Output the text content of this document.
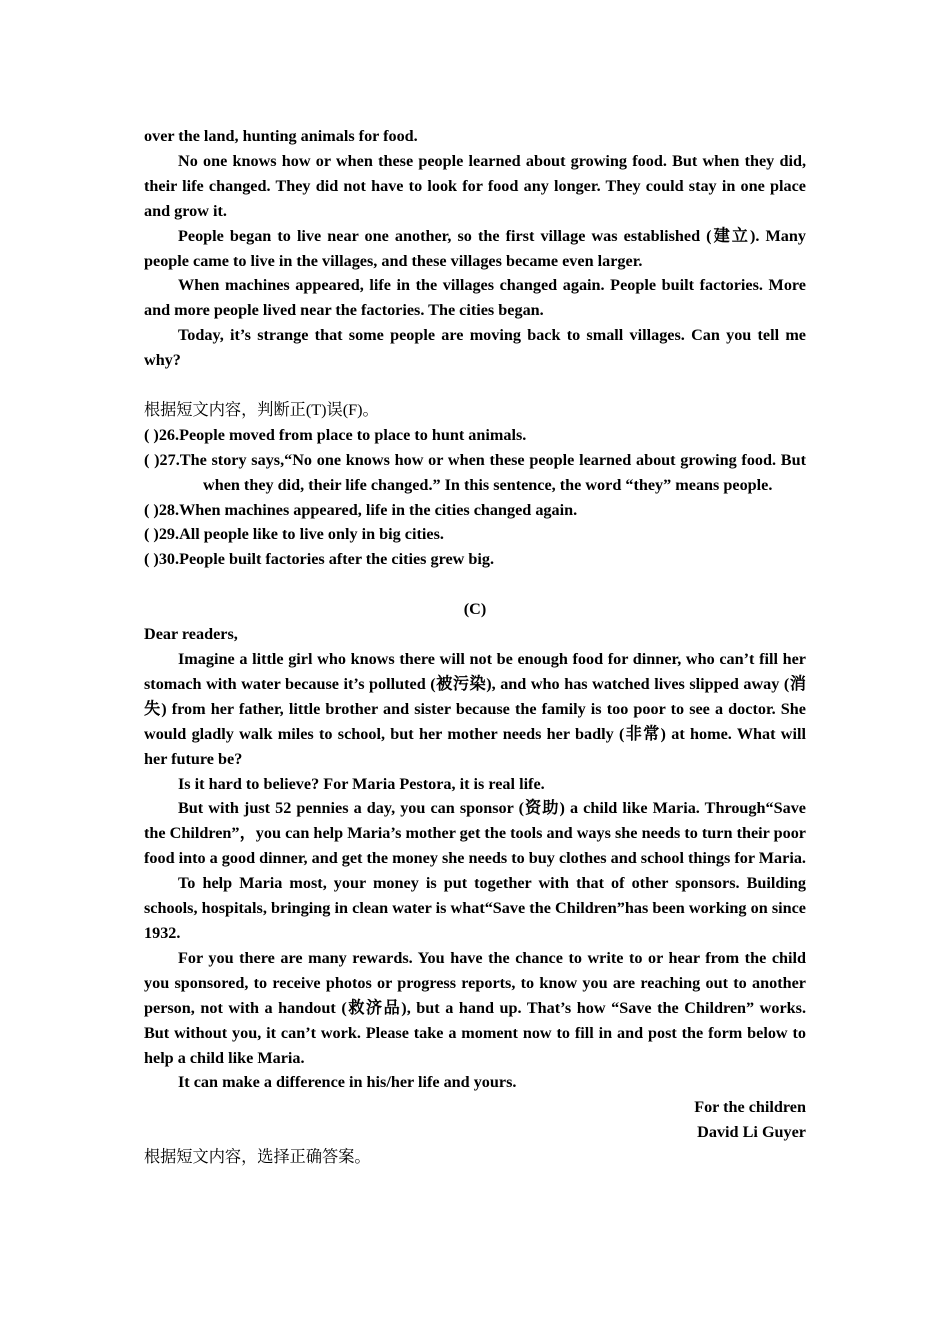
over the land, hunting animals for food.

No one knows how or when these people learned about growing food. But when they did, their life changed. They did not have to look for food any longer. They could stay in one place and grow it.

People began to live near one another, so the first village was established (建立). Many people came to live in the villages, and these villages became even larger.

When machines appeared, life in the villages changed again. People built factories. More and more people lived near the factories. The cities began.

Today, it’s strange that some people are moving back to small villages. Can you tell me why?

根据短文内容，判断正(T)误(F)。

( )26.People moved from place to place to hunt animals.
( )27.The story says,“No one knows how or when these people learned about growing food. But when they did, their life changed.” In this sentence, the word “they” means people.
( )28.When machines appeared, life in the cities changed again.
( )29.All people like to live only in big cities.
( )30.People built factories after the cities grew big.

(C)

Dear readers,

Imagine a little girl who knows there will not be enough food for dinner, who can’t fill her stomach with water because it’s polluted (被污染), and who has watched lives slipped away (消失) from her father, little brother and sister because the family is too poor to see a doctor. She would gladly walk miles to school, but her mother needs her badly (非常) at home. What will her future be?

Is it hard to believe? For Maria Pestora, it is real life.

But with just 52 pennies a day, you can sponsor (资助) a child like Maria. Through“Save the Children”，you can help Maria’s mother get the tools and ways she needs to turn their poor food into a good dinner, and get the money she needs to buy clothes and school things for Maria.

To help Maria most, your money is put together with that of other sponsors. Building schools, hospitals, bringing in clean water is what“Save the Children”has been working on since 1932.

For you there are many rewards. You have the chance to write to or hear from the child you sponsored, to receive photos or progress reports, to know you are reaching out to another person, not with a handout (救济品), but a hand up. That’s how “Save the Children” works. But without you, it can’t work. Please take a moment now to fill in and post the form below to help a child like Maria.

It can make a difference in his/her life and yours.

For the children

David Li Guyer

根据短文内容，选择正确答案。
